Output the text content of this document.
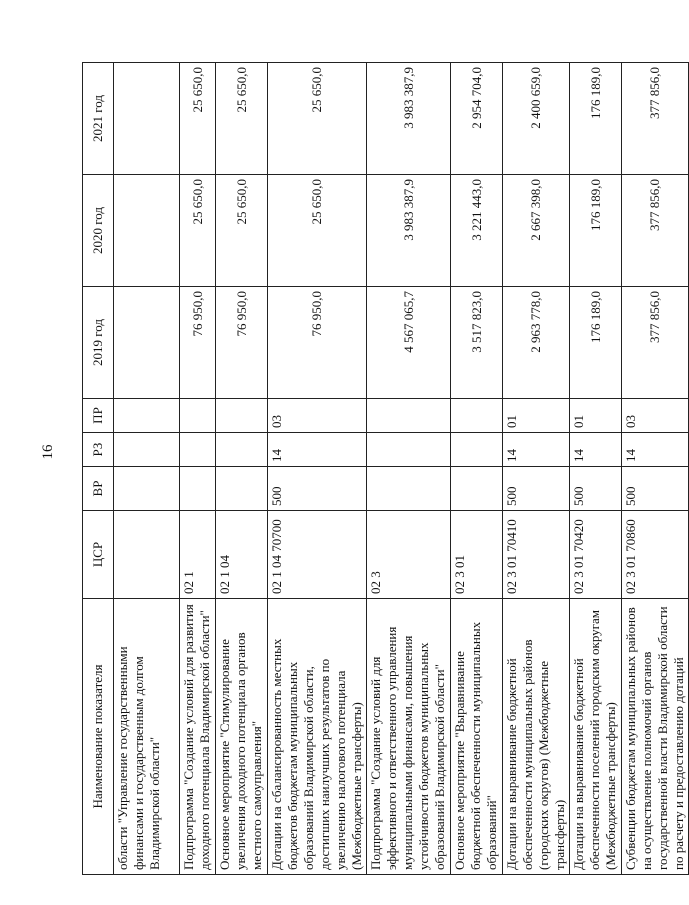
16
Наименование показателя	ЦСР	ВР	РЗ	ПР	2019 год	2020 год	2021 год
области "Управление государственными финансами и государственным долгом Владимирской области"							
Подпрограмма "Создание условий для развития доходного потенциала Владимирской области"	02 1				76 950,0	25 650,0	25 650,0
Основное мероприятие "Стимулирование увеличения доходного потенциала органов местного самоуправления"	02 1 04				76 950,0	25 650,0	25 650,0
Дотации на сбалансированность местных бюджетов бюджетам муниципальных образований Владимирской области, достигших наилучших результатов по увеличению налогового потенциала (Межбюджетные трансферты)	02 1 04 70700	500	14	03	76 950,0	25 650,0	25 650,0
Подпрограмма "Создание условий для эффективного и ответственного управления муниципальными финансами, повышения устойчивости бюджетов муниципальных образований Владимирской области"	02 3				4 567 065,7	3 983 387,9	3 983 387,9
Основное мероприятие "Выравнивание бюджетной обеспеченности муниципальных образований"	02 3 01				3 517 823,0	3 221 443,0	2 954 704,0
Дотации на выравнивание бюджетной обеспеченности муниципальных районов (городских округов) (Межбюджетные трансферты)	02 3 01 70410	500	14	01	2 963 778,0	2 667 398,0	2 400 659,0
Дотации на выравнивание бюджетной обеспеченности поселений городским округам (Межбюджетные трансферты)	02 3 01 70420	500	14	01	176 189,0	176 189,0	176 189,0
Субвенции бюджетам муниципальных районов на осуществление полномочий органов государственной власти Владимирской области по расчету и предоставлению дотаций	02 3 01 70860	500	14	03	377 856,0	377 856,0	377 856,0
